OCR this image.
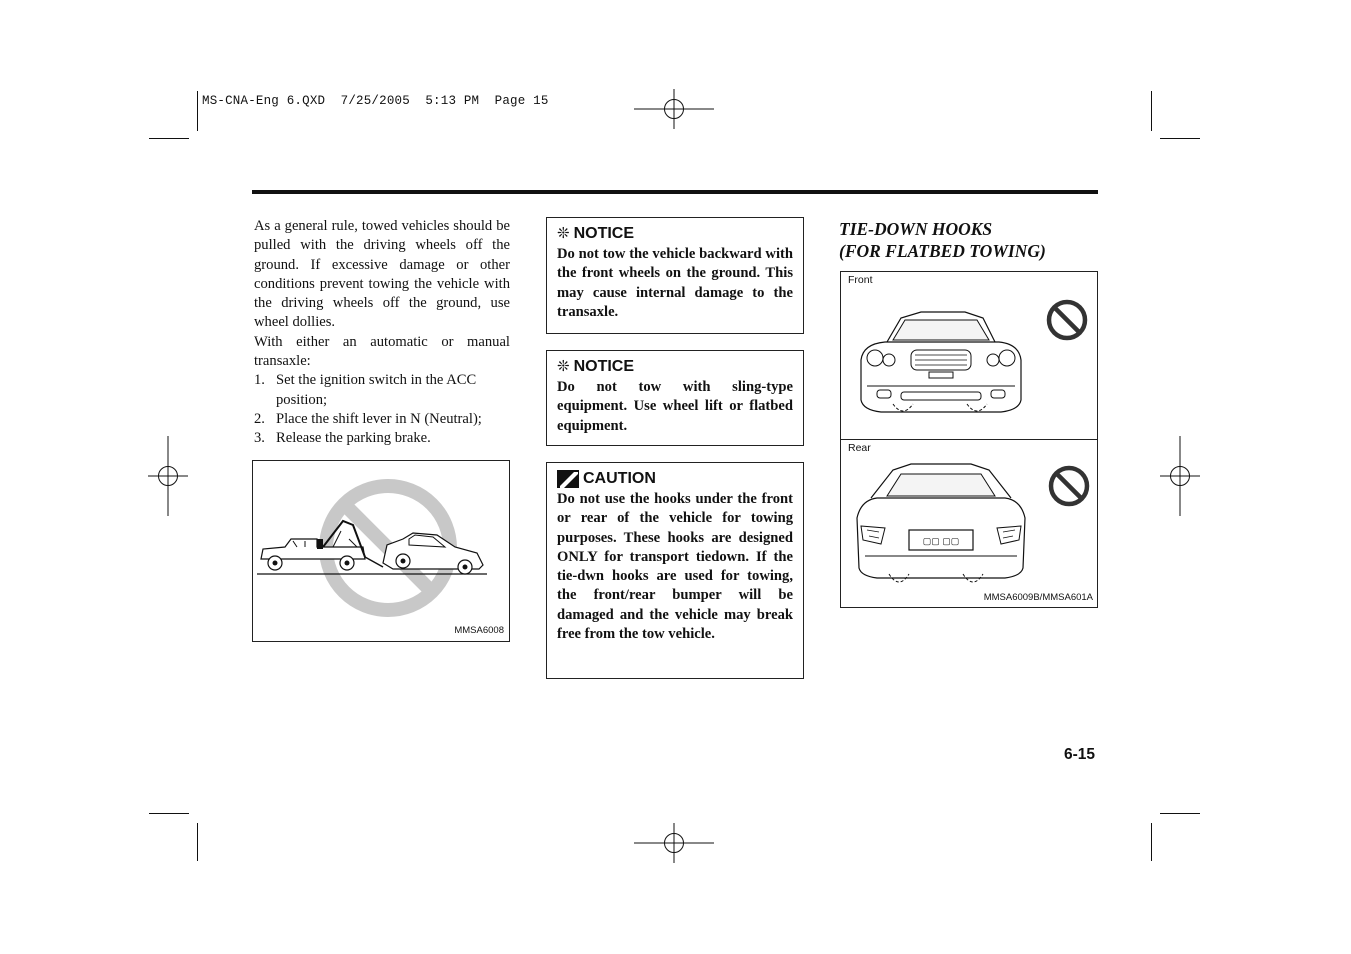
MS-CNA-Eng 6.QXD  7/25/2005  5:13 PM  Page 15

As a general rule, towed vehicles should be pulled with the driving wheels off the ground. If excessive damage or other conditions prevent towing the vehicle with the driving wheels off the ground, use wheel dollies.

With either an automatic or manual transaxle:

1. Set the ignition switch in the ACC position;
2. Place the shift lever in N (Neutral);
3. Release the parking brake.
MMSA6008
❊ NOTICE
Do not tow the vehicle backward with the front wheels on the ground. This may cause internal damage to the transaxle.
❊ NOTICE
Do not tow with sling-type equipment. Use wheel lift or flatbed equipment.
CAUTION
Do not use the hooks under the front or rear of the vehicle for towing purposes. These hooks are designed ONLY for transport tiedown. If the tie-dwn hooks are used for towing, the front/rear bumper will be damaged and the vehicle may break free from the tow vehicle.
TIE-DOWN HOOKS
(FOR FLATBED TOWING)
Front
Rear
▢▢ ▢▢
MMSA6009B/MMSA601A
6-15
